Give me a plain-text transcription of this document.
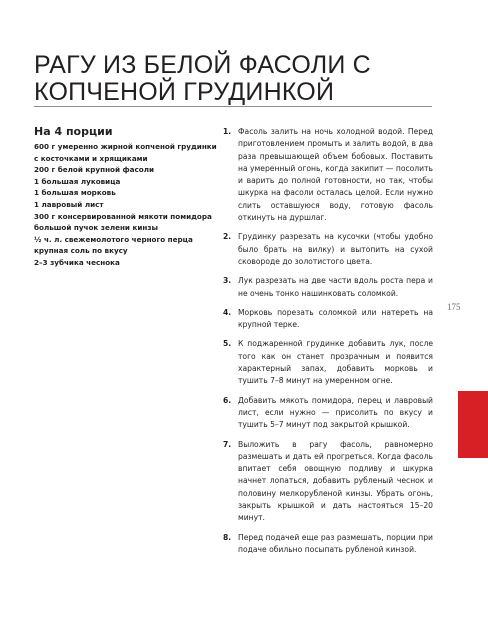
РАГУ ИЗ БЕЛОЙ ФАСОЛИ С КОПЧЕНОЙ ГРУДИНКОЙ
На 4 порции
600 г умеренно жирной копченой грудинки
с косточками и хрящиками
200 г белой крупной фасоли
1 большая луковица
1 большая морковь
1 лавровый лист
300 г консервированной мякоти помидора
большой пучок зелени кинзы
½ ч. л. свежемолотого черного перца
крупная соль по вкусу
2–3 зубчика чеснока
1. Фасоль залить на ночь холодной водой. Перед приготовлением промыть и залить водой, в два раза превышающей объем бобовых. Поставить на умеренный огонь, когда закипит — посолить и варить до полной готовности, но так, чтобы шкурка на фасоли осталась целой. Если нужно слить оставшуюся воду, готовую фасоль откинуть на дуршлаг.
2. Грудинку разрезать на кусочки (чтобы удобно было брать на вилку) и вытопить на сухой сковороде до золотистого цвета.
3. Лук разрезать на две части вдоль роста пера и не очень тонко нашинковать соломкой.
4. Морковь порезать соломкой или натереть на крупной терке.
5. К поджаренной грудинке добавить лук, после того как он станет прозрачным и появится характерный запах, добавить морковь и тушить 7–8 минут на умеренном огне.
6. Добавить мякоть помидора, перец и лавровый лист, если нужно — присолить по вкусу и тушить 5–7 минут под закрытой крышкой.
7. Выложить в рагу фасоль, равномерно размешать и дать ей прогреться. Когда фасоль впитает себя овощную подливу и шкурка начнет лопаться, добавить рубленый чеснок и половину мелкорубленой кинзы. Убрать огонь, закрыть крышкой и дать настояться 15–20 минут.
8. Перед подачей еще раз размешать, порции при подаче обильно посыпать рубленой кинзой.
175
